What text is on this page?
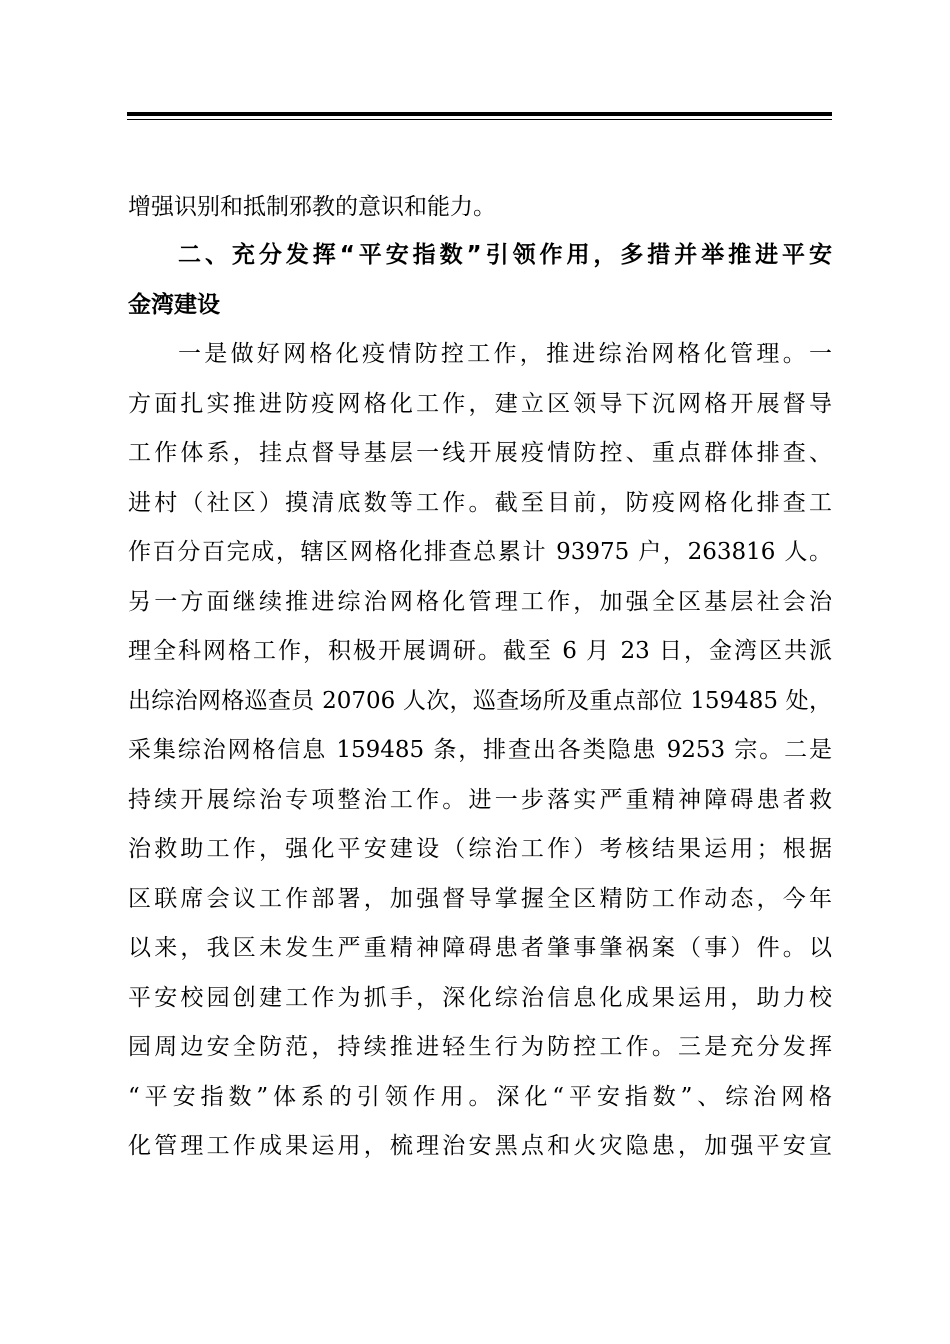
增强识别和抵制邪教的意识和能力。
二、充分发挥“平安指数”引领作用，多措并举推进平安
金湾建设
一是做好网格化疫情防控工作，推进综治网格化管理。一
方面扎实推进防疫网格化工作，建立区领导下沉网格开展督导
工作体系，挂点督导基层一线开展疫情防控、重点群体排查、
进村（社区）摸清底数等工作。截至目前，防疫网格化排查工
作百分百完成，辖区网格化排查总累计 93975 户，263816 人。
另一方面继续推进综治网格化管理工作，加强全区基层社会治
理全科网格工作，积极开展调研。截至 6 月 23 日，金湾区共派
出综治网格巡查员 20706 人次，巡查场所及重点部位 159485 处，
采集综治网格信息 159485 条，排查出各类隐患 9253 宗。二是
持续开展综治专项整治工作。进一步落实严重精神障碍患者救
治救助工作，强化平安建设（综治工作）考核结果运用；根据
区联席会议工作部署，加强督导掌握全区精防工作动态，今年
以来，我区未发生严重精神障碍患者肇事肇祸案（事）件。以
平安校园创建工作为抓手，深化综治信息化成果运用，助力校
园周边安全防范，持续推进轻生行为防控工作。三是充分发挥
“平安指数”体系的引领作用。深化“平安指数”、综治网格
化管理工作成果运用，梳理治安黑点和火灾隐患，加强平安宣
